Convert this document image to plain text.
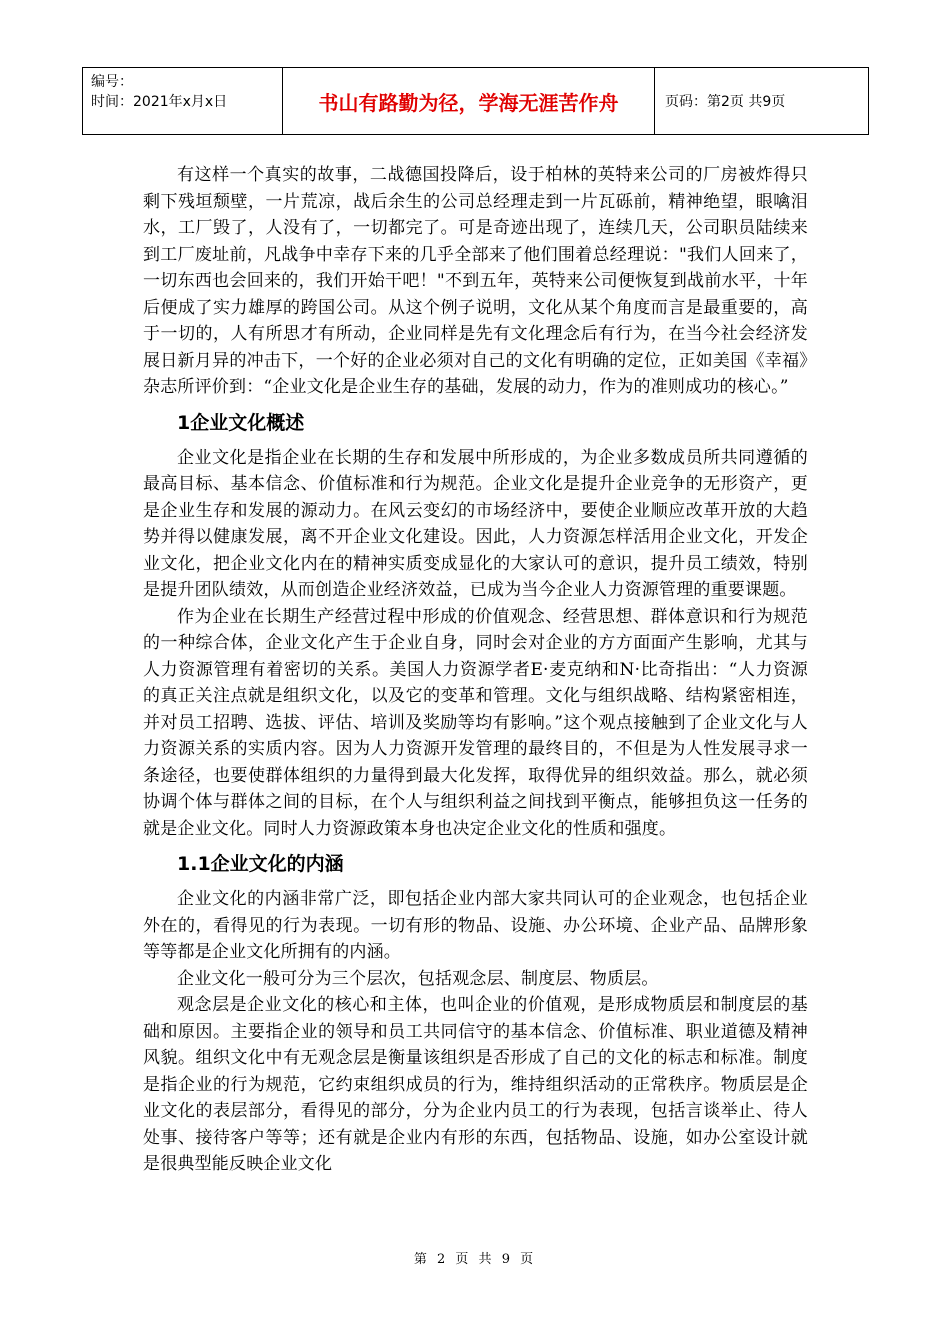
编号：
时间：2021年x月x日	书山有路勤为径，学海无涯苦作舟	页码：第2页 共9页

有这样一个真实的故事，二战德国投降后，设于柏林的英特来公司的厂房被炸得只剩下残垣颓壁，一片荒凉，战后余生的公司总经理走到一片瓦砾前，精神绝望，眼噙泪水，工厂毁了，人没有了，一切都完了。可是奇迹出现了，连续几天，公司职员陆续来到工厂废址前，凡战争中幸存下来的几乎全部来了他们围着总经理说："我们人回来了，一切东西也会回来的，我们开始干吧！"不到五年，英特来公司便恢复到战前水平，十年后便成了实力雄厚的跨国公司。从这个例子说明，文化从某个角度而言是最重要的，高于一切的，人有所思才有所动，企业同样是先有文化理念后有行为，在当今社会经济发展日新月异的冲击下，一个好的企业必须对自己的文化有明确的定位，正如美国《幸福》杂志所评价到：“企业文化是企业生存的基础，发展的动力，作为的准则成功的核心。”

1企业文化概述

企业文化是指企业在长期的生存和发展中所形成的，为企业多数成员所共同遵循的最高目标、基本信念、价值标准和行为规范。企业文化是提升企业竞争的无形资产，更是企业生存和发展的源动力。在风云变幻的市场经济中，要使企业顺应改革开放的大趋势并得以健康发展，离不开企业文化建设。因此，人力资源怎样活用企业文化，开发企业文化，把企业文化内在的精神实质变成显化的大家认可的意识，提升员工绩效，特别是提升团队绩效，从而创造企业经济效益，已成为当今企业人力资源管理的重要课题。

作为企业在长期生产经营过程中形成的价值观念、经营思想、群体意识和行为规范的一种综合体，企业文化产生于企业自身，同时会对企业的方方面面产生影响，尤其与人力资源管理有着密切的关系。美国人力资源学者E·麦克纳和N·比奇指出：“人力资源的真正关注点就是组织文化，以及它的变革和管理。文化与组织战略、结构紧密相连，并对员工招聘、选拔、评估、培训及奖励等均有影响。”这个观点接触到了企业文化与人力资源关系的实质内容。因为人力资源开发管理的最终目的，不但是为人性发展寻求一条途径，也要使群体组织的力量得到最大化发挥，取得优异的组织效益。那么，就必须协调个体与群体之间的目标，在个人与组织利益之间找到平衡点，能够担负这一任务的就是企业文化。同时人力资源政策本身也决定企业文化的性质和强度。

1.1企业文化的内涵

企业文化的内涵非常广泛，即包括企业内部大家共同认可的企业观念，也包括企业外在的，看得见的行为表现。一切有形的物品、设施、办公环境、企业产品、品牌形象等等都是企业文化所拥有的内涵。

企业文化一般可分为三个层次，包括观念层、制度层、物质层。

观念层是企业文化的核心和主体，也叫企业的价值观，是形成物质层和制度层的基础和原因。主要指企业的领导和员工共同信守的基本信念、价值标准、职业道德及精神风貌。组织文化中有无观念层是衡量该组织是否形成了自己的文化的标志和标准。制度是指企业的行为规范，它约束组织成员的行为，维持组织活动的正常秩序。物质层是企业文化的表层部分，看得见的部分，分为企业内员工的行为表现，包括言谈举止、待人处事、接待客户等等；还有就是企业内有形的东西，包括物品、设施，如办公室设计就是很典型能反映企业文化

第 2 页 共 9 页
